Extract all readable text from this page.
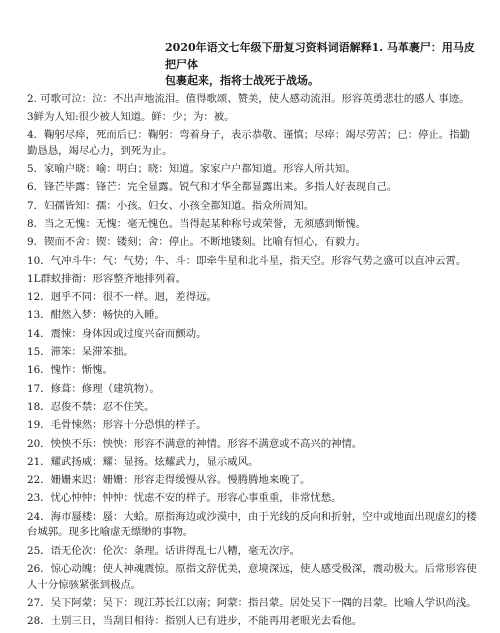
2020年语文七年级下册复习资料词语解释1. 马革裹尸：用马皮把尸体
包裹起来，指将士战死于战场。

2. 可歌可泣：泣：不出声地流泪。值得歌颂、赞美，使人感动流泪。形容英勇悲壮的感人 事迹。

3鲜为人知:很少被人知道。鲜：少；为：被。

4．鞠躬尽瘁，死而后已：鞠躬：弯着身子，表示恭敬、谨慎；尽瘁：竭尽劳苦；已：停止。指勤勤恳恳，竭尽心力，到死为止。

5．家喻户晓：喻：明白；晓：知道。家家户户都知道。形容人所共知。

6．锋芒毕露：锋芒：完全显露。锐气和才华全都显露出来。多指人好表现自己。

7．妇孺皆知：孺：小孩。妇女、小孩全都知道。指众所周知。

8．当之无愧：无愧：毫无愧色。当得起某种称号或荣誉，无须感到惭愧。

9．锲而不舍：锲：镂刻；舍：停止。不断地镂刻。比喻有恒心，有毅力。

10．气冲斗牛：气：气势；牛、斗：即牵牛星和北斗星，指天空。形容气势之盛可以直冲云霄。

1L群蚁排衙：形容整齐地排列着。

12．迥乎不同：很不一样。迥，差得远。

13．酣然入梦：畅快的入睡。

14．震悚：身体因或过度兴奋而颤动。

15．滞笨：呆滞笨拙。

16．愧怍：惭愧。

17．修葺：修理（建筑物）。

18．忍俊不禁：忍不住笑。

19．毛骨悚然：形容十分恐惧的样子。

20．怏怏不乐：怏怏：形容不满意的神情。形容不满意或不高兴的神情。

21．耀武扬威：耀：显扬。炫耀武力，显示威风。

22．姗姗来迟：姗姗：形容走得缓慢从容。慢腾腾地来晚了。

23．忧心忡忡：忡忡：忧虑不安的样子。形容心事重重，非常忧愁。

24．海市蜃楼：蜃：大蛤。原指海边或沙漠中，由于光线的反向和折射，空中或地面出现虚幻的楼台城郭。现多比喻虚无缥缈的事物。

25．语无伦次：伦次：条理。话讲得乱七八糟，毫无次序。

26．惊心动魄：使人神魂震惊。原指文辞优美，意境深远，使人感受极深，震动极大。后常形容使人十分惊骇紧张到极点。

27．吴下阿蒙：吴下：现江苏长江以南；阿蒙：指吕蒙。居处吴下一隅的吕蒙。比喻人学识尚浅。

28．士别三日，当刮目相待：指别人已有进步，不能再用老眼光去看他。
